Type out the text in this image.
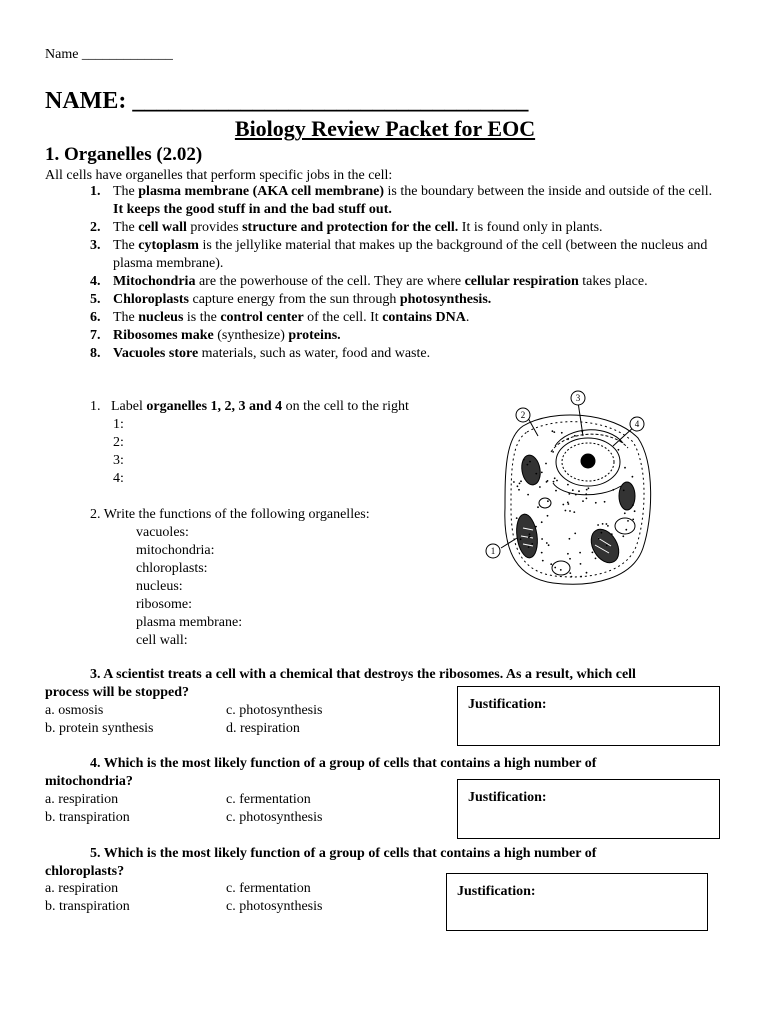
Name _____________
NAME: _________________________________
Biology Review Packet for EOC
1. Organelles (2.02)
All cells have organelles that perform specific jobs in the cell:
1. The plasma membrane (AKA cell membrane) is the boundary between the inside and outside of the cell. It keeps the good stuff in and the bad stuff out.
2. The cell wall provides structure and protection for the cell. It is found only in plants.
3. The cytoplasm is the jellylike material that makes up the background of the cell (between the nucleus and plasma membrane).
4. Mitochondria are the powerhouse of the cell. They are where cellular respiration takes place.
5. Chloroplasts capture energy from the sun through photosynthesis.
6. The nucleus is the control center of the cell. It contains DNA.
7. Ribosomes make (synthesize) proteins.
8. Vacuoles store materials, such as water, food and waste.
1. Label organelles 1, 2, 3 and 4 on the cell to the right
1:
2:
3:
4:
2. Write the functions of the following organelles:
vacuoles:
mitochondria:
chloroplasts:
nucleus:
ribosome:
plasma membrane:
cell wall:
1
2
3
4
3. A scientist treats a cell with a chemical that destroys the ribosomes. As a result, which cell
process will be stopped?
a. osmosis
b. protein synthesis
c. photosynthesis
d. respiration
Justification:
4. Which is the most likely function of a group of cells that contains a high number of
mitochondria?
a. respiration
b. transpiration
c. fermentation
c. photosynthesis
Justification:
5. Which is the most likely function of a group of cells that contains a high number of
chloroplasts?
a. respiration
b. transpiration
c. fermentation
c. photosynthesis
Justification:
